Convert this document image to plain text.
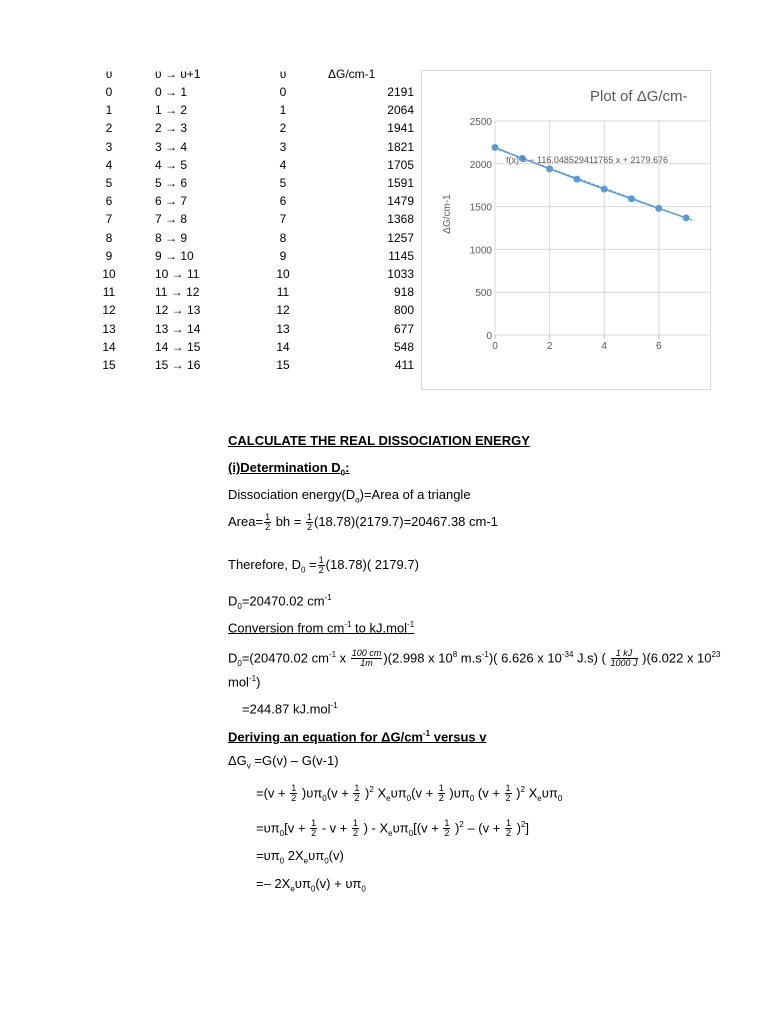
υ	υ → υ+1	υ	ΔG/cm-1
0	0 → 1	0	2191
1	1 → 2	1	2064
2	2 → 3	2	1941
3	3 → 4	3	1821
4	4 → 5	4	1705
5	5 → 6	5	1591
6	6 → 7	6	1479
7	7 → 8	7	1368
8	8 → 9	8	1257
9	9 → 10	9	1145
10	10 → 11	10	1033
11	11 → 12	11	918
12	12 → 13	12	800
13	13 → 14	13	677
14	14 → 15	14	548
15	15 → 16	15	411
Plot of ΔG/cm-
ΔG/cm-1
0
500
1000
1500
2000
2500
0	2	4	6
f(x) = − 116.048529411765 x + 2179.676
CALCULATE THE REAL DISSOCIATION ENERGY
(i)Determination $D_0$:
Dissociation $energy(D_o)=Area$ of a triangle
Area= $\frac{1}{2}$ bh = $\frac{1}{2} (18.78)(2179.7)=20467.38$ cm-1
Therefore, $D_0 = \frac{1}{2} (18.78)$( 2179.7)
$D_0=20470.02$ $cm^{-1}$
Conversion from $cm^{-1}$ to kJ.mol$^{-1}$
$D_0=(20470.02$ $cm^{-1}$ x $\frac{100 cm}{1m} )(2.998$ x $10^8$ $m.s^{-1}$)( 6.626 x $10^{-34}$ J.s) ( $\frac{1 kJ}{1000 J} )(6.022$ x $10^{23}$
mol$^{-1}$)
=244.87 kJ.mol$^{-1}$
Deriving an equation for $\Delta G/cm^{-1}$ versus v
$\Delta G_v =G(v) - G(v-1)$
$=(v + \frac{1}{2} )\upsilon\pi_0(v + \frac{1}{2} )^2$ $X_e\upsilon\pi_0(v + \frac{1}{2} )\upsilon\pi_0$ $(v + \frac{1}{2} )^2$ $X_e\upsilon\pi_0$
$=\upsilon\pi_0[v + \frac{1}{2} - v + \frac{1}{2}$ ) - $X_e\upsilon\pi_0[(v + \frac{1}{2} )^2 - (v + \frac{1}{2} )^2]$
$=\upsilon\pi_0$ $2X_e\upsilon\pi_0(v)$
=– $2X_e\upsilon\pi_0(v) + \upsilon\pi_0$
